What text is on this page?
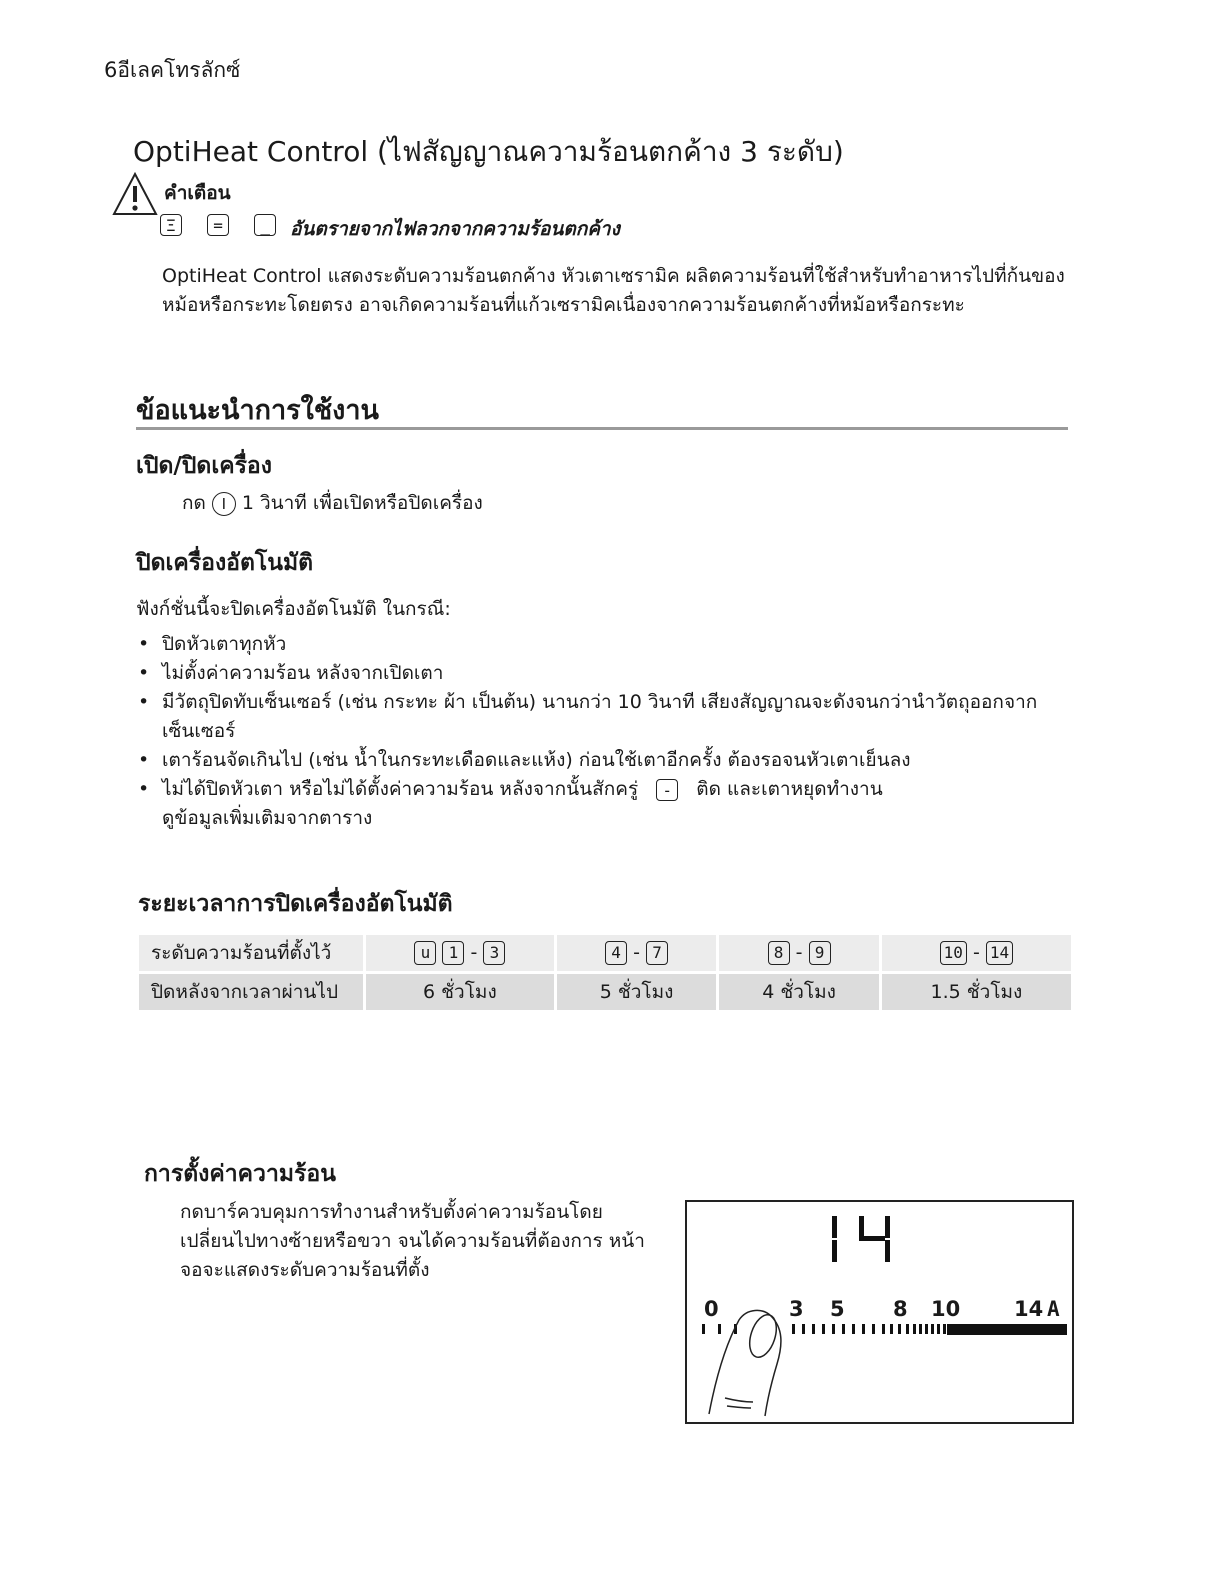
6อีเลคโทรลักซ์
OptiHeat Control (ไฟสัญญาณความร้อนตกค้าง 3 ระดับ)
คำเตือน
Ξ = _	อันตรายจากไฟลวกจากความร้อนตกค้าง
OptiHeat Control แสดงระดับความร้อนตกค้าง หัวเตาเซรามิค ผลิตความร้อนที่ใช้สำหรับทำอาหารไปที่ก้นของหม้อหรือกระทะโดยตรง อาจเกิดความร้อนที่แก้วเซรามิคเนื่องจากความร้อนตกค้างที่หม้อหรือกระทะ
ข้อแนะนำการใช้งาน
เปิด/ปิดเครื่อง
กด I 1 วินาที เพื่อเปิดหรือปิดเครื่อง
ปิดเครื่องอัตโนมัติ
ฟังก์ชั่นนี้จะปิดเครื่องอัตโนมัติ ในกรณี:
• ปิดหัวเตาทุกหัว
• ไม่ตั้งค่าความร้อน หลังจากเปิดเตา
• มีวัตถุปิดทับเซ็นเซอร์ (เช่น กระทะ ผ้า เป็นต้น) นานกว่า 10 วินาที เสียงสัญญาณจะดังจนกว่านำวัตถุออกจากเซ็นเซอร์
• เตาร้อนจัดเกินไป (เช่น น้ำในกระทะเดือดและแห้ง) ก่อนใช้เตาอีกครั้ง ต้องรอจนหัวเตาเย็นลง
• ไม่ได้ปิดหัวเตา หรือไม่ได้ตั้งค่าความร้อน หลังจากนั้นสักครู่ - ติด และเตาหยุดทำงาน
ดูข้อมูลเพิ่มเติมจากตาราง
ระยะเวลาการปิดเครื่องอัตโนมัติ
ระดับความร้อนที่ตั้งไว้	u 1 - 3	4 - 7	8 - 9	10 - 14
ปิดหลังจากเวลาผ่านไป	6 ชั่วโมง	5 ชั่วโมง	4 ชั่วโมง	1.5 ชั่วโมง
การตั้งค่าความร้อน
กดบาร์ควบคุมการทำงานสำหรับตั้งค่าความร้อนโดยเปลี่ยนไปทางซ้ายหรือขวา จนได้ความร้อนที่ต้องการ หน้าจอจะแสดงระดับความร้อนที่ตั้ง
0	3 5 8 10	14 A
